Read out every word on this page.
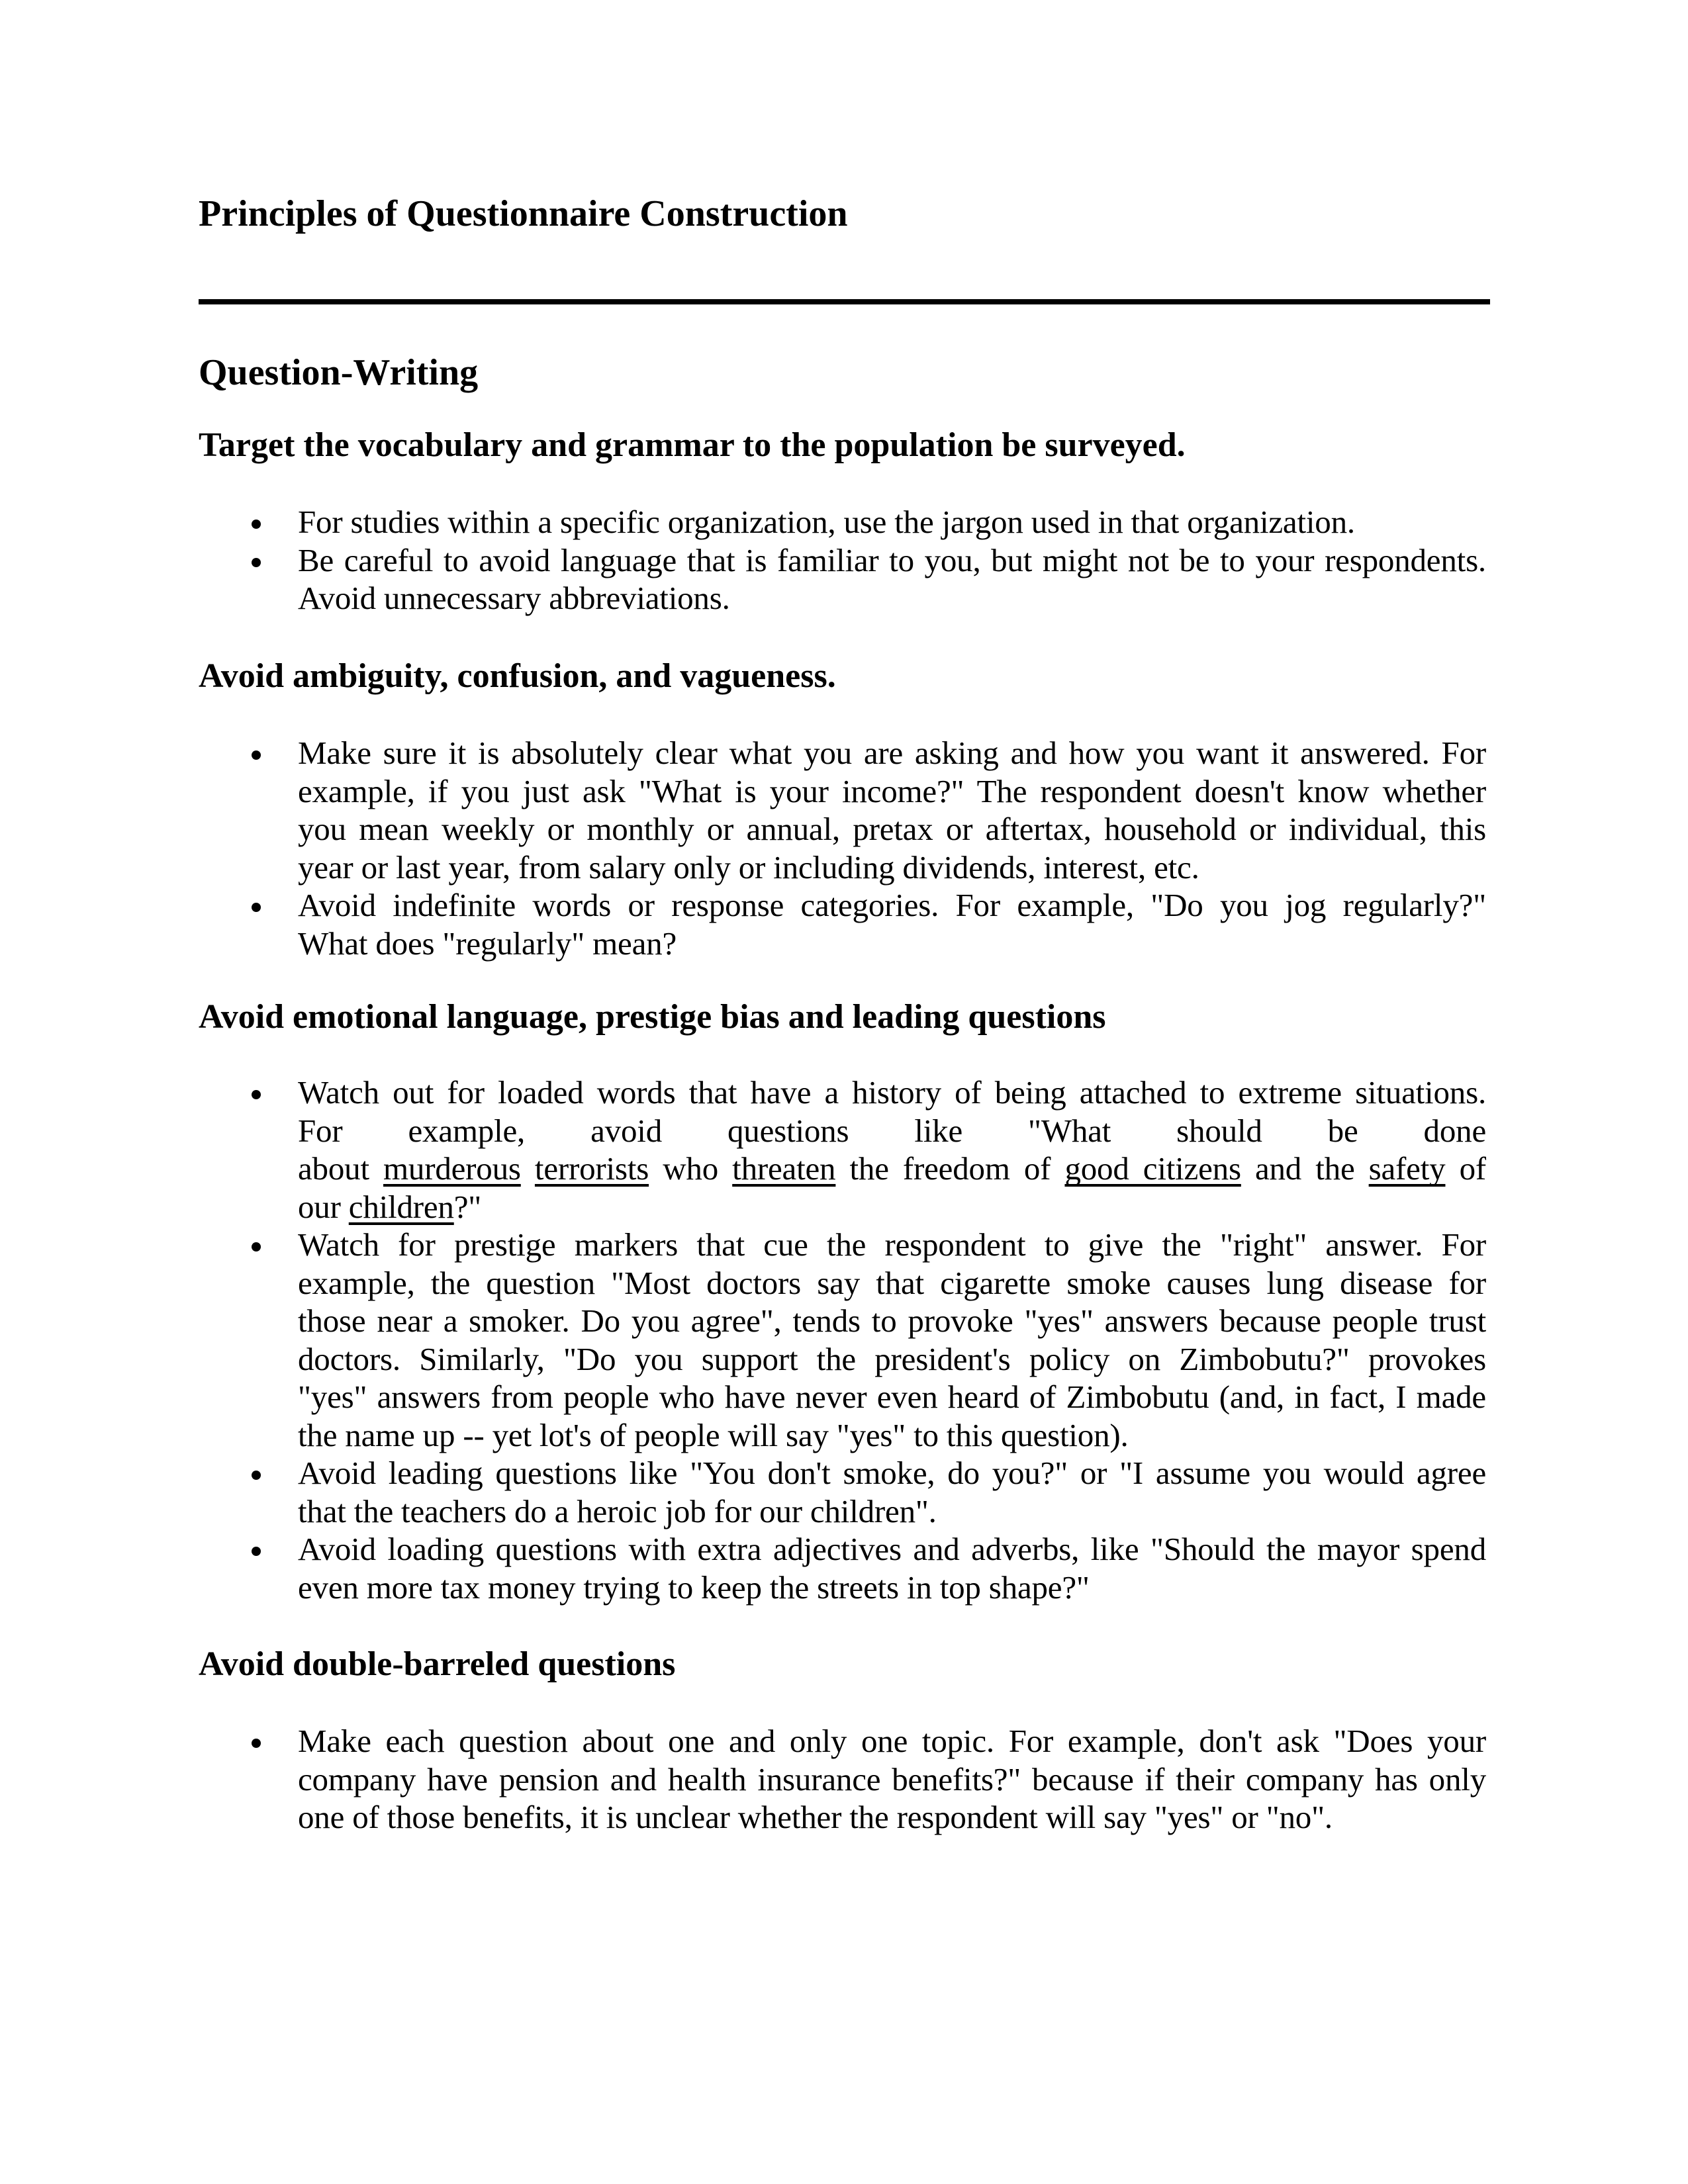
Principles of Questionnaire Construction
Question-Writing
Target the vocabulary and grammar to the population be surveyed.
For studies within a specific organization, use the jargon used in that organization.
Be careful to avoid language that is familiar to you, but might not be to your respondents.
Avoid unnecessary abbreviations.
Avoid ambiguity, confusion, and vagueness.
Make sure it is absolutely clear what you are asking and how you want it answered. For
example, if you just ask "What is your income?" The respondent doesn't know whether
you mean weekly or monthly or annual, pretax or aftertax, household or individual, this
year or last year, from salary only or including dividends, interest, etc.
Avoid indefinite words or response categories. For example, "Do you jog regularly?"
What does "regularly" mean?
Avoid emotional language, prestige bias and leading questions
Watch out for loaded words that have a history of being attached to extreme situations.
For example, avoid questions like "What should be done
about murderous terrorists who threaten the freedom of good citizens and the safety of
our children?"
Watch for prestige markers that cue the respondent to give the "right" answer. For
example, the question "Most doctors say that cigarette smoke causes lung disease for
those near a smoker. Do you agree", tends to provoke "yes" answers because people trust
doctors. Similarly, "Do you support the president's policy on Zimbobutu?" provokes
"yes" answers from people who have never even heard of Zimbobutu (and, in fact, I made
the name up -- yet lot's of people will say "yes" to this question).
Avoid leading questions like "You don't smoke, do you?" or "I assume you would agree
that the teachers do a heroic job for our children".
Avoid loading questions with extra adjectives and adverbs, like "Should the mayor spend
even more tax money trying to keep the streets in top shape?"
Avoid double-barreled questions
Make each question about one and only one topic. For example, don't ask "Does your
company have pension and health insurance benefits?" because if their company has only
one of those benefits, it is unclear whether the respondent will say "yes" or "no".
